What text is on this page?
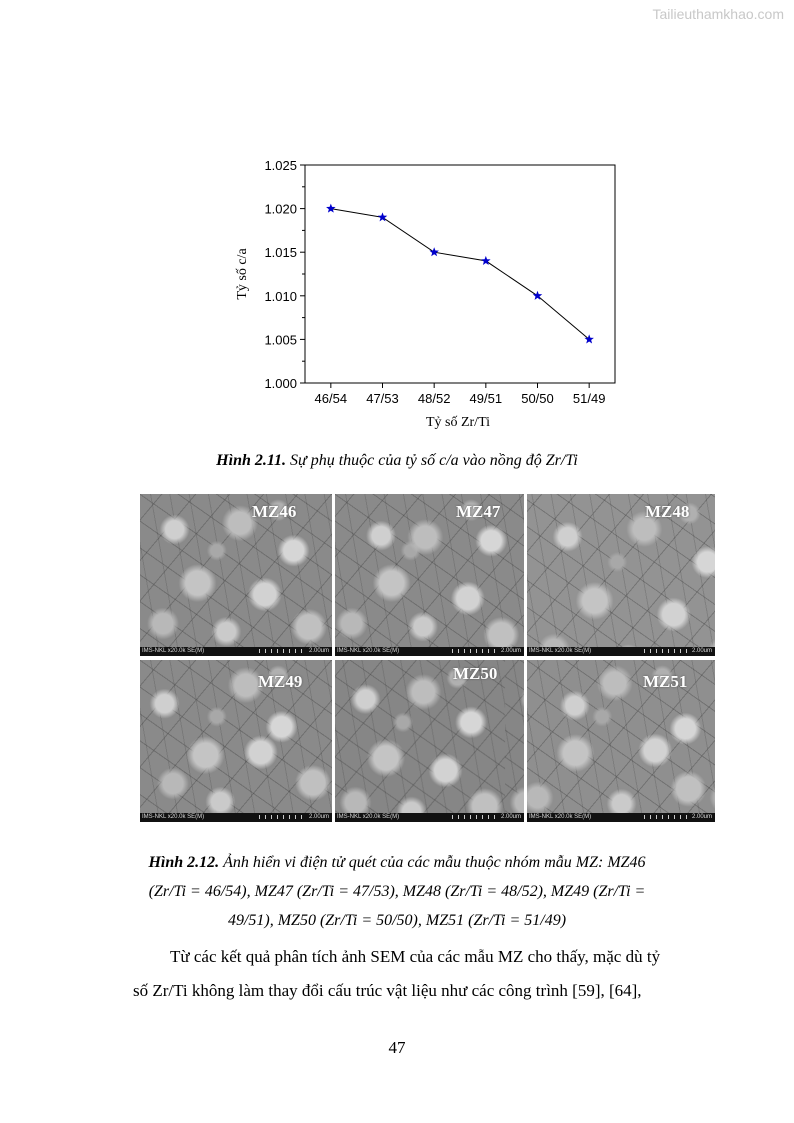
Tailieuthamkhao.com
1.000
1.005
1.010
1.015
1.020
1.025
46/54 47/53 48/52 49/51 50/50 51/49
Tỷ số Zr/Ti
Tỷ số c/a
Hình 2.11. Sự phụ thuộc của tỷ số c/a vào nồng độ Zr/Ti
MZ46
IMS-NKL x20.0k SE(M)	2.00um
MZ47
IMS-NKL x20.0k SE(M)	2.00um
MZ48
IMS-NKL x20.0k SE(M)	2.00um
MZ49
IMS-NKL x20.0k SE(M)	2.00um
MZ50
IMS-NKL x20.0k SE(M)	2.00um
MZ51
IMS-NKL x20.0k SE(M)	2.00um
Hình 2.12. Ảnh hiển vi điện tử quét của các mẫu thuộc nhóm mẫu MZ: MZ46
(Zr/Ti = 46/54), MZ47 (Zr/Ti = 47/53), MZ48 (Zr/Ti = 48/52), MZ49 (Zr/Ti =
49/51), MZ50 (Zr/Ti = 50/50), MZ51 (Zr/Ti = 51/49)
Từ các kết quả phân tích ảnh SEM của các mẫu MZ cho thấy, mặc dù tỷ
số Zr/Ti không làm thay đổi cấu trúc vật liệu như các công trình [59], [64],
47
